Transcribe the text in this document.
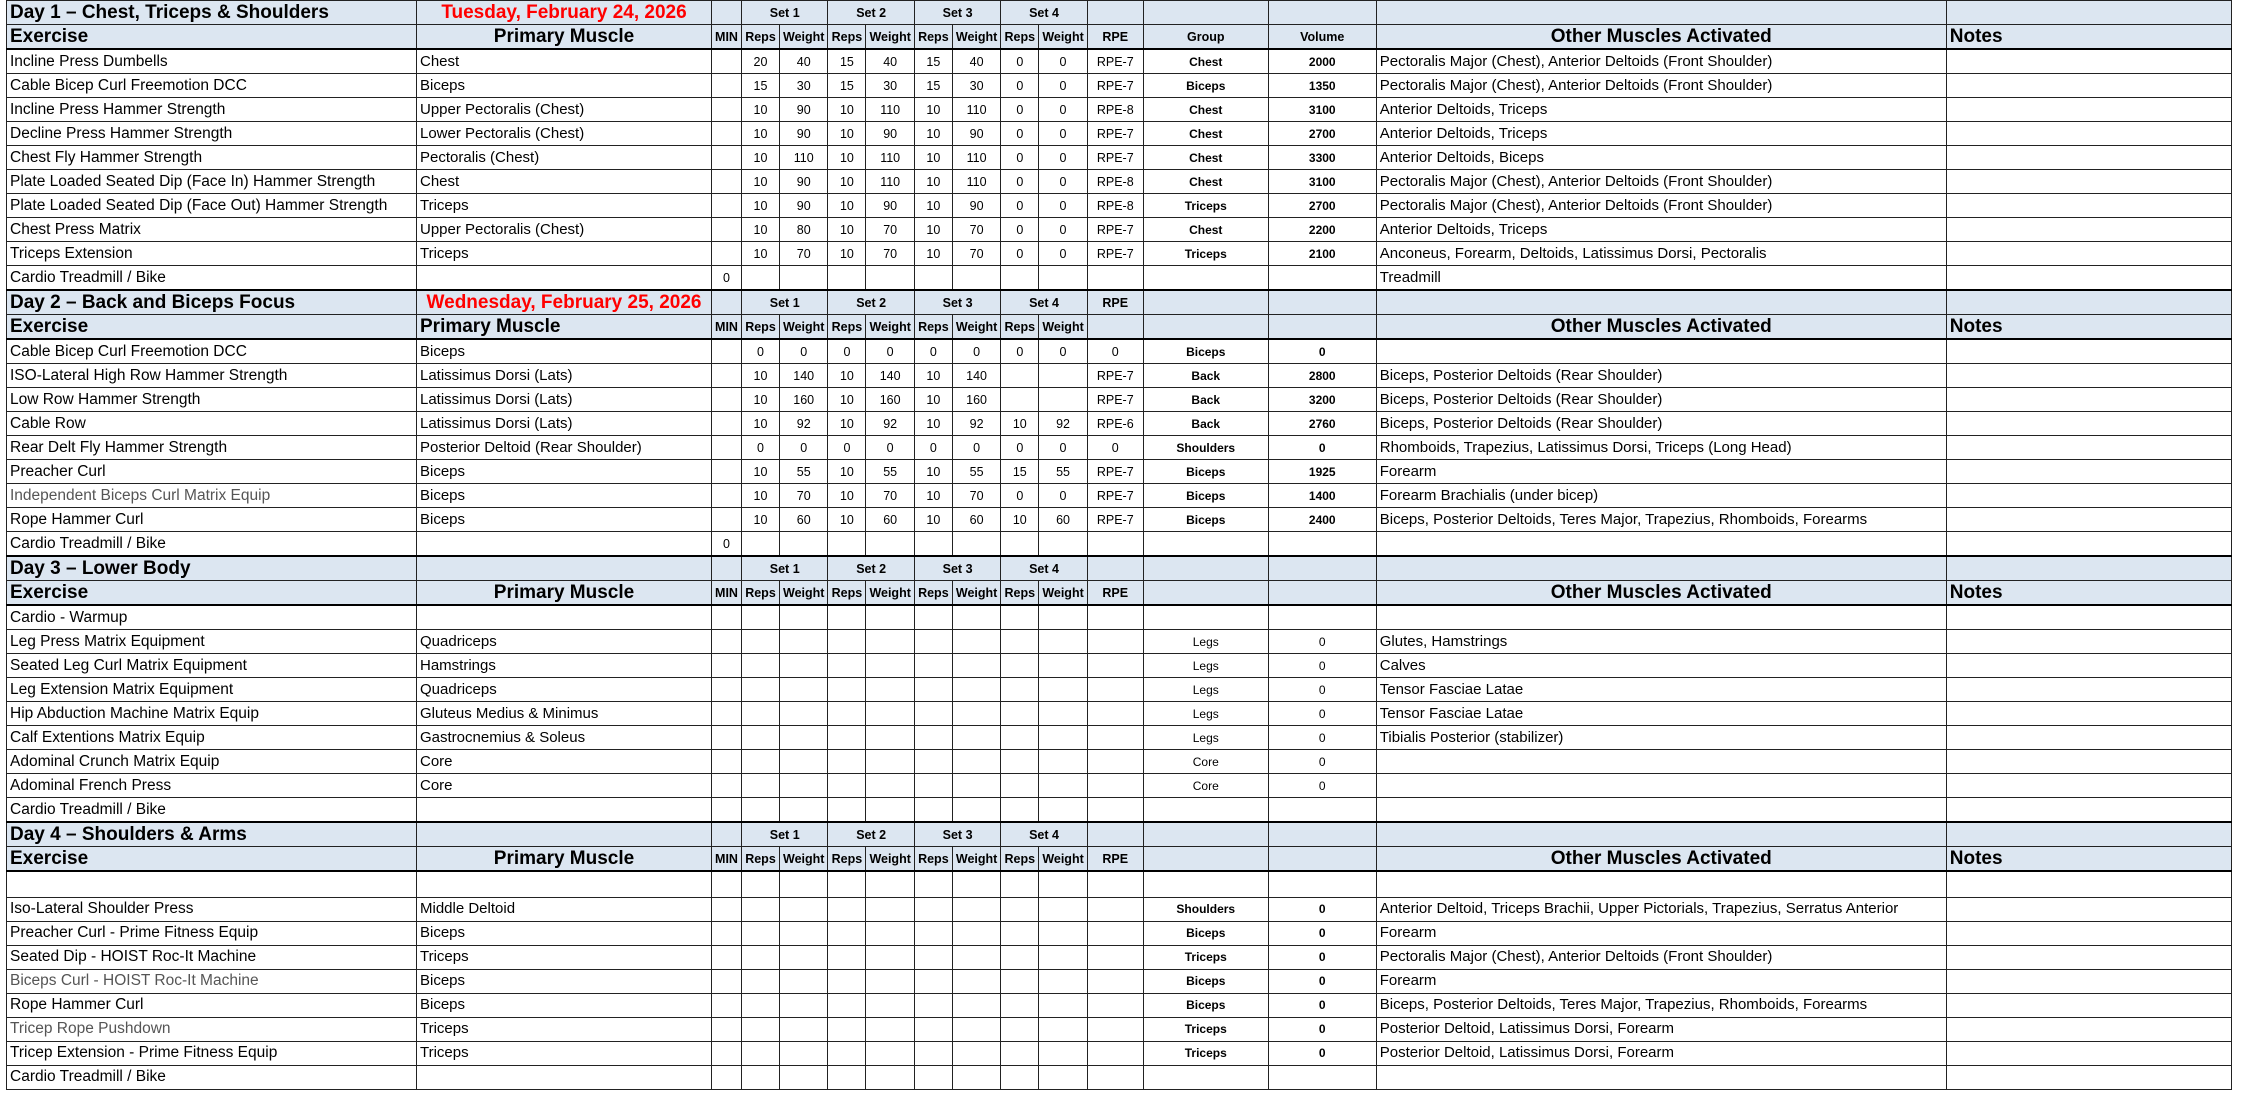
Day 1 – Chest, Triceps & Shoulders	Tuesday, February 24, 2026		Set 1		Set 2		Set 3		Set 4						
Exercise	Primary Muscle	MIN	Reps	Weight	Reps	Weight	Reps	Weight	Reps	Weight	RPE	Group	Volume	Other Muscles Activated	Notes
Incline Press Dumbells	Chest		20	40	15	40	15	40	0	0	RPE-7	Chest	2000	Pectoralis Major (Chest), Anterior Deltoids (Front Shoulder)	
Cable Bicep Curl Freemotion DCC	Biceps		15	30	15	30	15	30	0	0	RPE-7	Biceps	1350	Pectoralis Major (Chest), Anterior Deltoids (Front Shoulder)	
Incline Press Hammer Strength	Upper Pectoralis (Chest)		10	90	10	110	10	110	0	0	RPE-8	Chest	3100	Anterior Deltoids, Triceps	
Decline Press Hammer Strength	Lower Pectoralis (Chest)		10	90	10	90	10	90	0	0	RPE-7	Chest	2700	Anterior Deltoids, Triceps	
Chest Fly Hammer Strength	Pectoralis (Chest)		10	110	10	110	10	110	0	0	RPE-7	Chest	3300	Anterior Deltoids, Biceps	
Plate Loaded Seated Dip (Face In) Hammer Strength	Chest		10	90	10	110	10	110	0	0	RPE-8	Chest	3100	Pectoralis Major (Chest), Anterior Deltoids (Front Shoulder)	
Plate Loaded Seated Dip (Face Out) Hammer Strength	Triceps		10	90	10	90	10	90	0	0	RPE-8	Triceps	2700	Pectoralis Major (Chest), Anterior Deltoids (Front Shoulder)	
Chest Press Matrix	Upper Pectoralis (Chest)		10	80	10	70	10	70	0	0	RPE-7	Chest	2200	Anterior Deltoids, Triceps	
Triceps Extension	Triceps		10	70	10	70	10	70	0	0	RPE-7	Triceps	2100	Anconeus, Forearm, Deltoids, Latissimus Dorsi, Pectoralis	
Cardio Treadmill / Bike		0												Treadmill	
Day 2 – Back and Biceps Focus	Wednesday, February 25, 2026		Set 1		Set 2		Set 3		Set 4		RPE				
Exercise	Primary Muscle	MIN	Reps	Weight	Reps	Weight	Reps	Weight	Reps	Weight				Other Muscles Activated	Notes
Cable Bicep Curl Freemotion DCC	Biceps		0	0	0	0	0	0	0	0	0	Biceps	0		
ISO-Lateral High Row Hammer Strength	Latissimus Dorsi (Lats)		10	140	10	140	10	140			RPE-7	Back	2800	Biceps, Posterior Deltoids (Rear Shoulder)	
Low Row Hammer Strength	Latissimus Dorsi (Lats)		10	160	10	160	10	160			RPE-7	Back	3200	Biceps, Posterior Deltoids (Rear Shoulder)	
Cable Row	Latissimus Dorsi (Lats)		10	92	10	92	10	92	10	92	RPE-6	Back	2760	Biceps, Posterior Deltoids (Rear Shoulder)	
Rear Delt Fly Hammer Strength	Posterior Deltoid (Rear Shoulder)		0	0	0	0	0	0	0	0	0	Shoulders	0	Rhomboids, Trapezius, Latissimus Dorsi, Triceps (Long Head)	
Preacher Curl	Biceps		10	55	10	55	10	55	15	55	RPE-7	Biceps	1925	Forearm	
Independent Biceps Curl Matrix Equip	Biceps		10	70	10	70	10	70	0	0	RPE-7	Biceps	1400	Forearm Brachialis (under bicep)	
Rope Hammer Curl	Biceps		10	60	10	60	10	60	10	60	RPE-7	Biceps	2400	Biceps, Posterior Deltoids, Teres Major, Trapezius, Rhomboids, Forearms	
Cardio Treadmill / Bike		0													
Day 3 – Lower Body			Set 1		Set 2		Set 3		Set 4						
Exercise	Primary Muscle	MIN	Reps	Weight	Reps	Weight	Reps	Weight	Reps	Weight	RPE			Other Muscles Activated	Notes
Cardio - Warmup															
Leg Press Matrix Equipment	Quadriceps											Legs	0	Glutes, Hamstrings	
Seated Leg Curl Matrix Equipment	Hamstrings											Legs	0	Calves	
Leg Extension Matrix Equipment	Quadriceps											Legs	0	Tensor Fasciae Latae	
Hip Abduction Machine Matrix Equip	Gluteus Medius & Minimus											Legs	0	Tensor Fasciae Latae	
Calf Extentions Matrix Equip	Gastrocnemius & Soleus											Legs	0	Tibialis Posterior (stabilizer)	
Adominal Crunch Matrix Equip	Core											Core	0		
Adominal French Press	Core											Core	0		
Cardio Treadmill / Bike															
Day 4 – Shoulders & Arms			Set 1		Set 2		Set 3		Set 4						
Exercise	Primary Muscle	MIN	Reps	Weight	Reps	Weight	Reps	Weight	Reps	Weight	RPE			Other Muscles Activated	Notes

Iso-Lateral Shoulder Press	Middle Deltoid											Shoulders	0	Anterior Deltoid, Triceps Brachii, Upper Pictorials, Trapezius, Serratus Anterior	
Preacher Curl - Prime Fitness Equip	Biceps											Biceps	0	Forearm	
Seated Dip - HOIST Roc-It Machine	Triceps											Triceps	0	Pectoralis Major (Chest), Anterior Deltoids (Front Shoulder)	
Biceps Curl - HOIST Roc-It Machine	Biceps											Biceps	0	Forearm	
Rope Hammer Curl	Biceps											Biceps	0	Biceps, Posterior Deltoids, Teres Major, Trapezius, Rhomboids, Forearms	
Tricep Rope Pushdown	Triceps											Triceps	0	Posterior Deltoid, Latissimus Dorsi, Forearm	
Tricep Extension - Prime Fitness Equip	Triceps											Triceps	0	Posterior Deltoid, Latissimus Dorsi, Forearm	
Cardio Treadmill / Bike															
